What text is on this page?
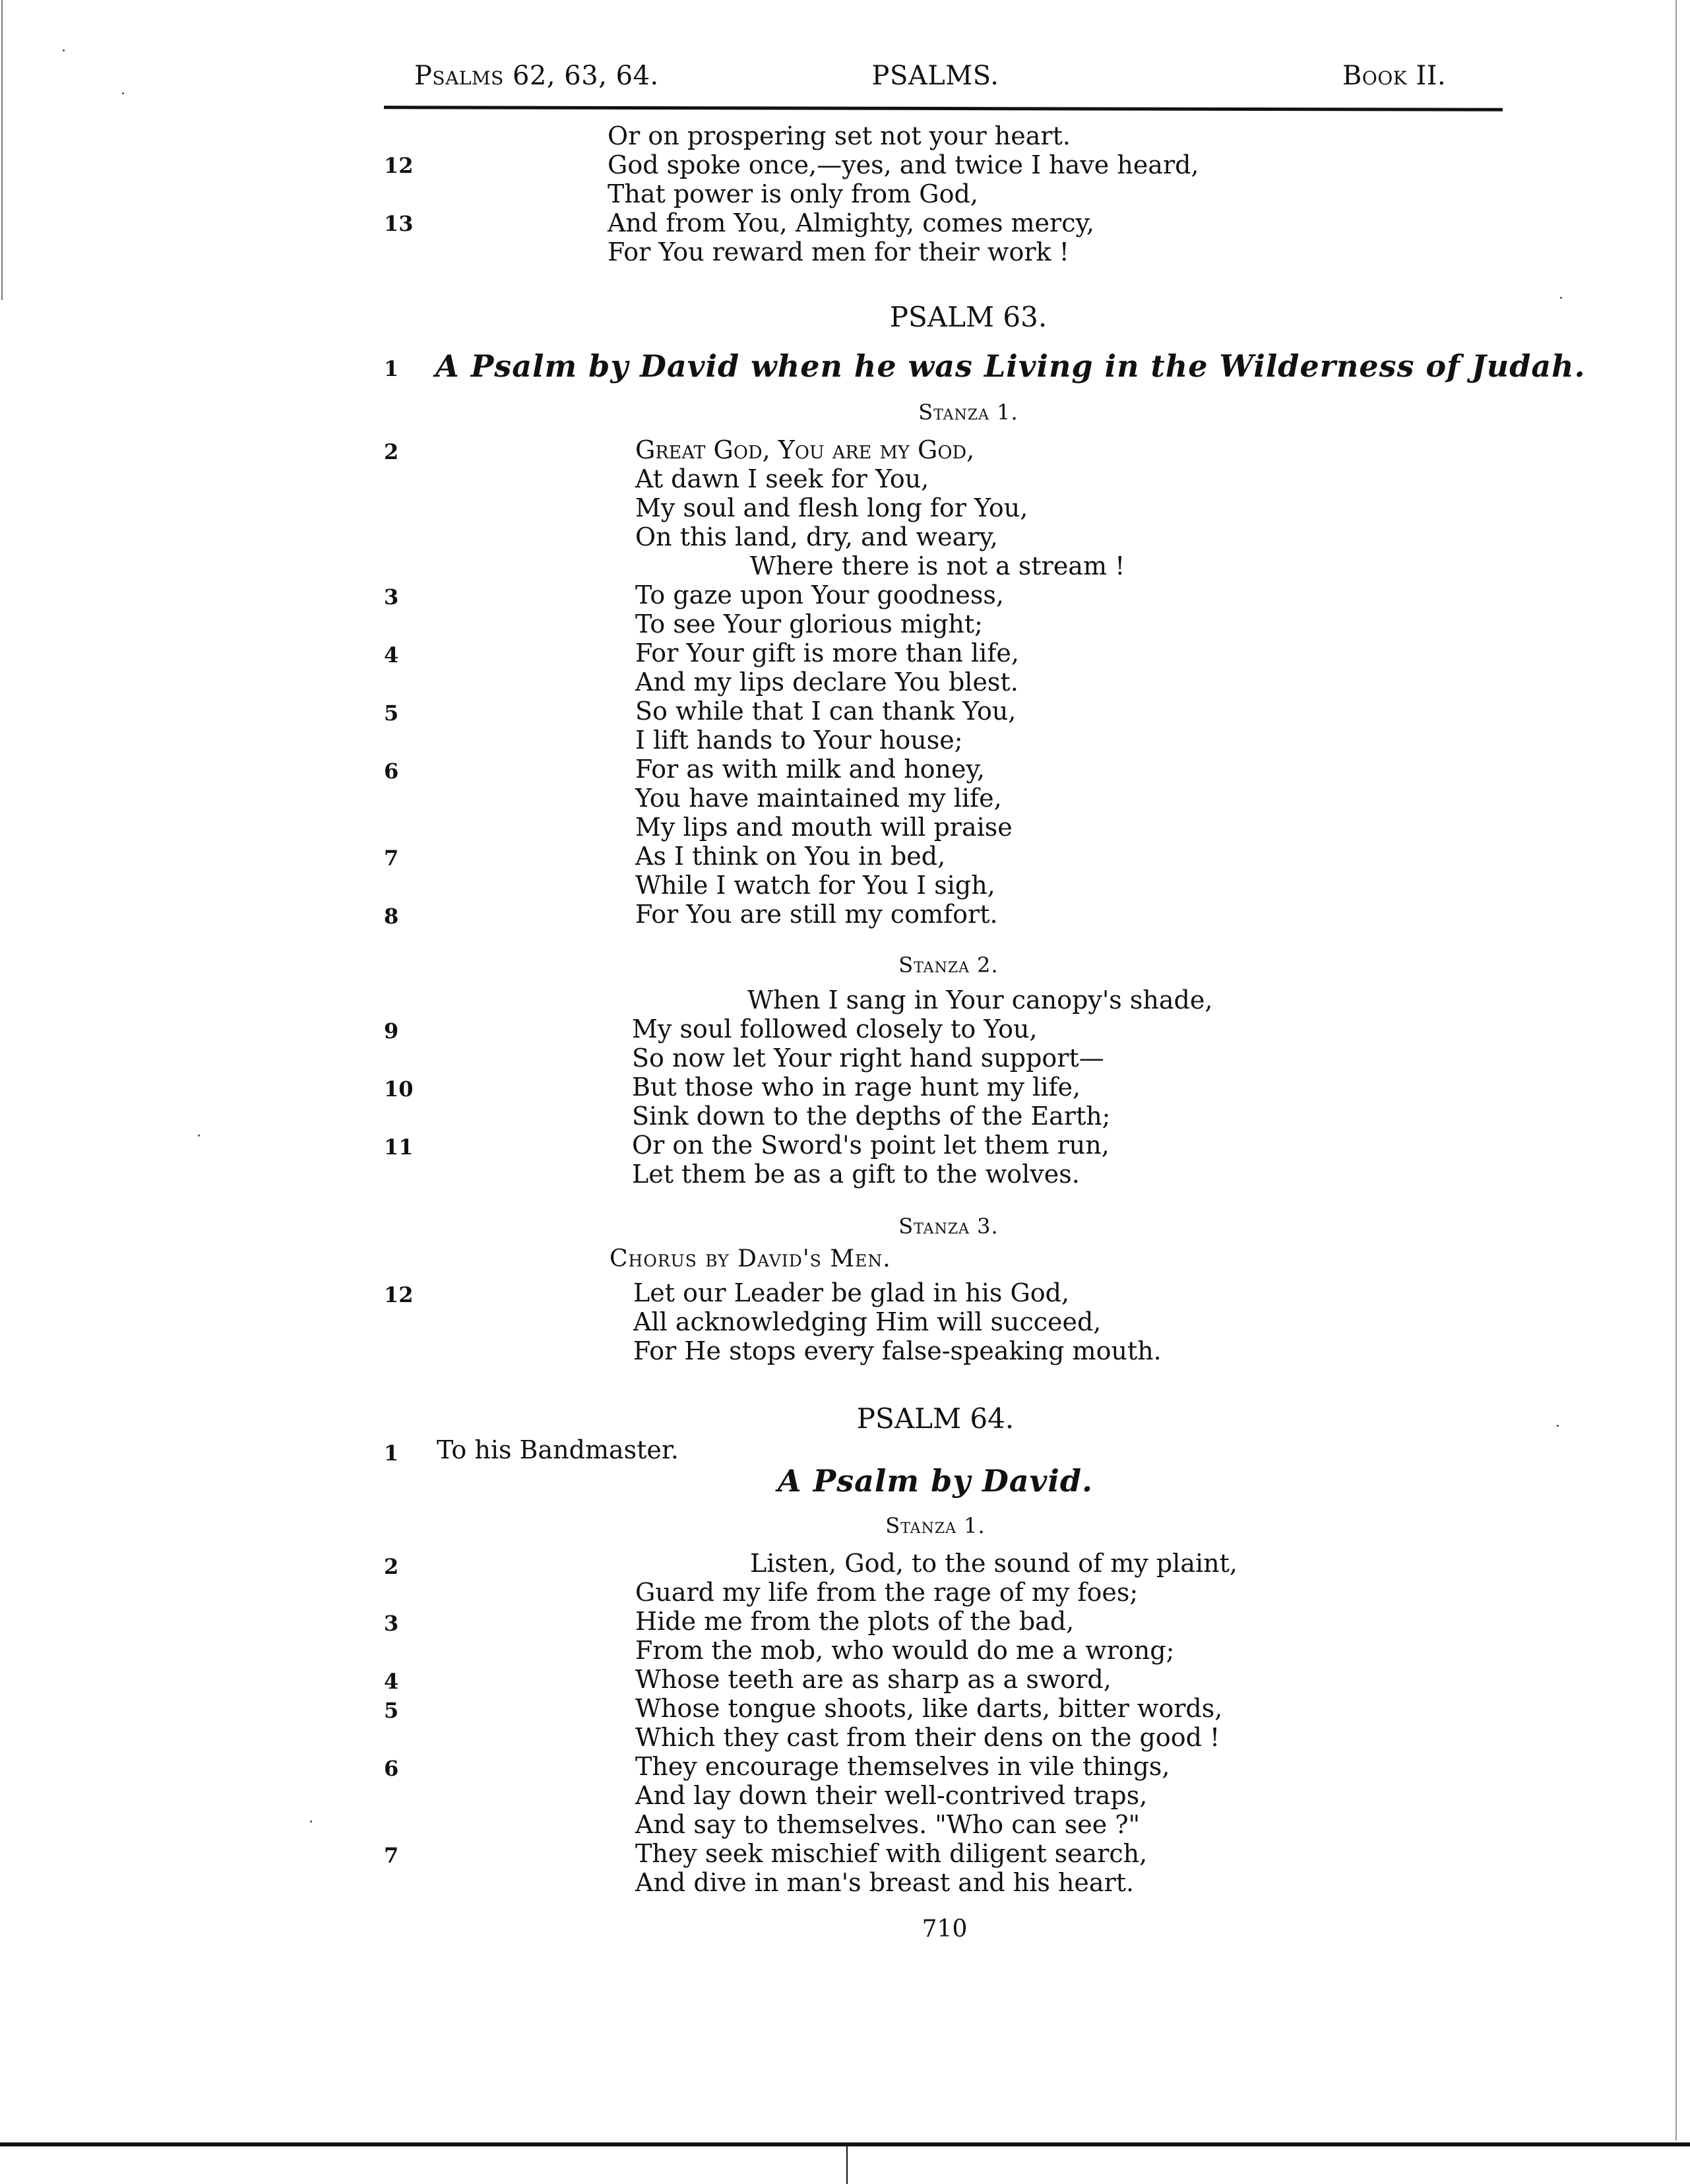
Psalms 62, 63, 64.	PSALMS.	Book II.
Or on prospering set not your heart.
12	God spoke once,—yes, and twice I have heard,
That power is only from God,
13	And from You, Almighty, comes mercy,
For You reward men for their work !
PSALM 63.
1	A Psalm by David when he was Living in the Wilderness of Judah.
Stanza 1.
2	Great God, You are my God,
At dawn I seek for You,
My soul and flesh long for You,
On this land, dry, and weary,
Where there is not a stream !
3	To gaze upon Your goodness,
To see Your glorious might;
4	For Your gift is more than life,
And my lips declare You blest.
5	So while that I can thank You,
I lift hands to Your house;
6	For as with milk and honey,
You have maintained my life,
My lips and mouth will praise
7	As I think on You in bed,
While I watch for You I sigh,
8	For You are still my comfort.
Stanza 2.
When I sang in Your canopy's shade,
9	My soul followed closely to You,
So now let Your right hand support—
10	But those who in rage hunt my life,
Sink down to the depths of the Earth;
11	Or on the Sword's point let them run,
Let them be as a gift to the wolves.
Stanza 3.
Chorus by David's Men.
12	Let our Leader be glad in his God,
All acknowledging Him will succeed,
For He stops every false-speaking mouth.
PSALM 64.
1	To his Bandmaster.
A Psalm by David.
Stanza 1.
2	Listen, God, to the sound of my plaint,
Guard my life from the rage of my foes;
3	Hide me from the plots of the bad,
From the mob, who would do me a wrong;
4	Whose teeth are as sharp as a sword,
5	Whose tongue shoots, like darts, bitter words,
Which they cast from their dens on the good !
6	They encourage themselves in vile things,
And lay down their well-contrived traps,
And say to themselves. "Who can see ?"
7	They seek mischief with diligent search,
And dive in man's breast and his heart.
710
